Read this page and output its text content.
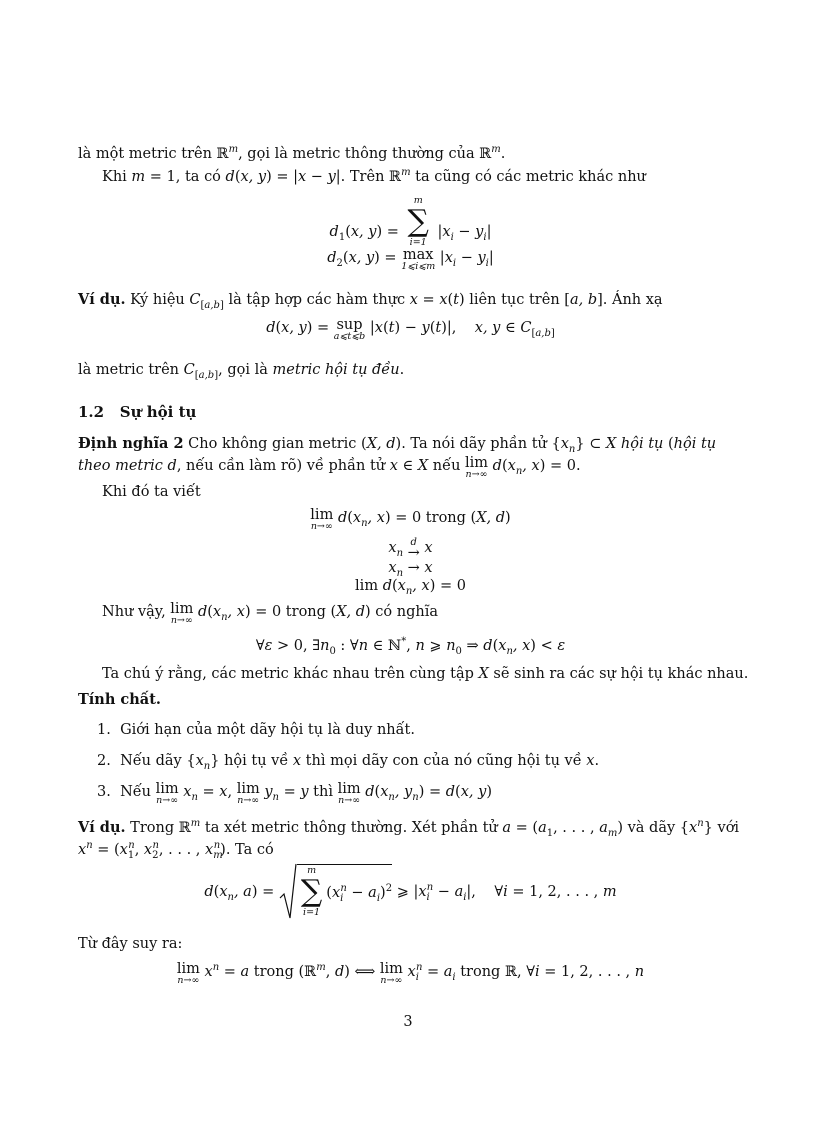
là một metric trên ℝ$^m$, gọi là metric thông thường của ℝ$^m$.
Khi m = 1, ta có d(x, y) = |x − y|. Trên ℝ$^m$ ta cũng có các metric khác như
$d_1(x$, y) =
m
∑
i=1
$|x_i - y_i|$
$d_2(x$, y) = max
1⩽i⩽m
$|x_i - y_i|$
Ví dụ. Ký hiệu $C_{[a,b]}$ là tập hợp các hàm thực x = x(t) liên tục trên [a, b]. Ánh xạ
d(x, y) = sup
a⩽t⩽b
|x(t) − y(t)|,    x, y ∈ $C_{[a,b]}$
là metric trên $C_{[a,b]}$, gọi là metric hội tụ đều.
1.2 Sự hội tụ
Định nghĩa 2 Cho không gian metric (X, d). Ta nói dãy phần tử $\{x_n\}$ ⊂ X hội tụ (hội tụ
theo metric d, nếu cần làm rõ) về phần tử x ∈ X nếu lim
n→∞
$d(x_n$, x) = 0.
Khi đó ta viết
lim
n→∞
$d(x_n$, x) = 0 trong (X, d)
$x_n$
d
→ x
$x_n \to x$
$\lim d(x_n$, x) = 0
Như vậy, lim
n→∞
$d(x_n$, x) = 0 trong (X, d) có nghĩa
∀ε > 0, $\exists n_0$ : ∀n ∈ ℕ*, n ⩾ $n_0$ ⇒ $d(x_n$, x) < ε
Ta chú ý rằng, các metric khác nhau trên cùng tập X sẽ sinh ra các sự hội tụ khác nhau.
Tính chất.
1.  Giới hạn của một dãy hội tụ là duy nhất.
2.  Nếu dãy $\{x_n\}$ hội tụ về x thì mọi dãy con của nó cũng hội tụ về x.
3.  Nếu lim
n→∞
$x_n = x$, lim
n→∞
$y_n = y$ thì lim
n→∞
$d(x_n$, $y_n) = d(x$, y)
Ví dụ. Trong ℝ$^m$ ta xét metric thông thường. Xét phần tử $a = (a_1$, . . . , $a_m$) và dãy $\{x^n\}$ với
$x^n = (x_1^n$, $x_2^n$, . . . , $x_m^n$). Ta có
$d(x_n$, a) =
m
∑
i=1
$(x_i^n - a_i)^2$ ⩾ $|x_i^n - a_i|$,    ∀i = 1, 2, . . . , m
Từ đây suy ra:
lim
n→∞
$x^n = a$ trong (ℝ$^m$, d) ⟺ lim
n→∞
$x_i^n = a_i$ trong ℝ, ∀i = 1, 2, . . . , n
3
